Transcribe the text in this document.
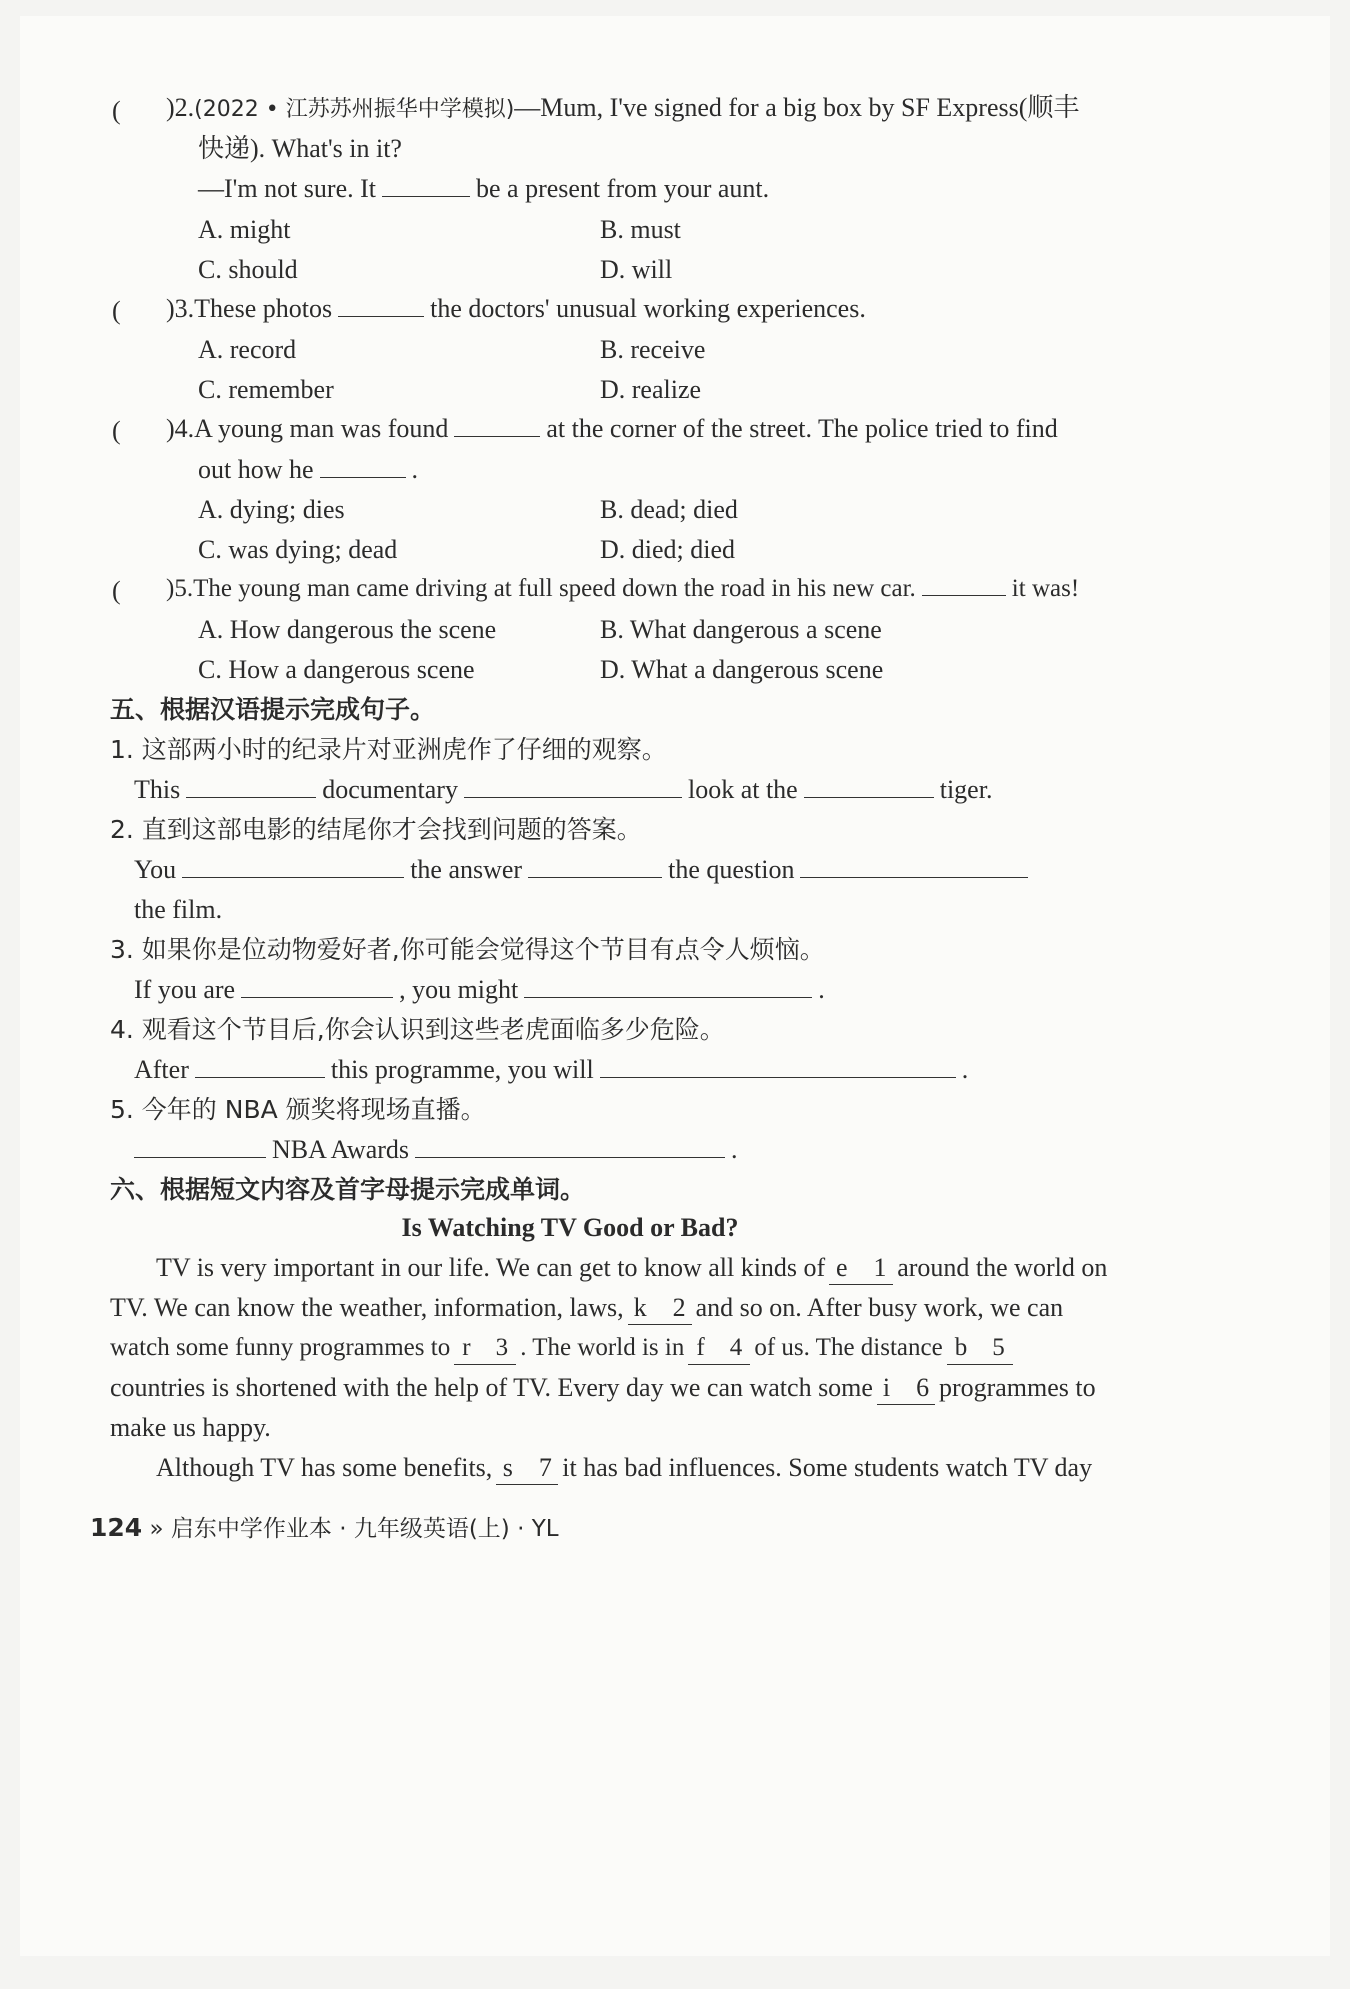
( )2.(2022 • 江苏苏州振华中学模拟)—Mum, I've signed for a big box by SF Express(顺丰
快递). What's in it?
—I'm not sure. It	be a present from your aunt.
A. might	B. must
C. should	D. will
( )3.These photos	the doctors' unusual working experiences.
A. record	B. receive
C. remember	D. realize
( )4.A young man was found	at the corner of the street. The police tried to find
out how he	.
A. dying; dies	B. dead; died
C. was dying; dead	D. died; died
( )5.The young man came driving at full speed down the road in his new car.	it was!
A. How dangerous the scene	B. What dangerous a scene
C. How a dangerous scene	D. What a dangerous scene
五、根据汉语提示完成句子。
1. 这部两小时的纪录片对亚洲虎作了仔细的观察。
This	documentary	look at the	tiger.
2. 直到这部电影的结尾你才会找到问题的答案。
You	the answer	the question
the film.
3. 如果你是位动物爱好者,你可能会觉得这个节目有点令人烦恼。
If you are	, you might	.
4. 观看这个节目后,你会认识到这些老虎面临多少危险。
After	this programme, you will	.
5. 今年的 NBA 颁奖将现场直播。
NBA Awards	.
六、根据短文内容及首字母提示完成单词。
Is Watching TV Good or Bad?
TV is very important in our life. We can get to know all kinds of e 1 around the world on
TV. We can know the weather, information, laws, k 2 and so on. After busy work, we can
watch some funny programmes to r 3 . The world is in f 4 of us. The distance b 5
countries is shortened with the help of TV. Every day we can watch some i 6 programmes to
make us happy.
Although TV has some benefits, s 7 it has bad influences. Some students watch TV day
124 » 启东中学作业本 · 九年级英语(上) · YL
